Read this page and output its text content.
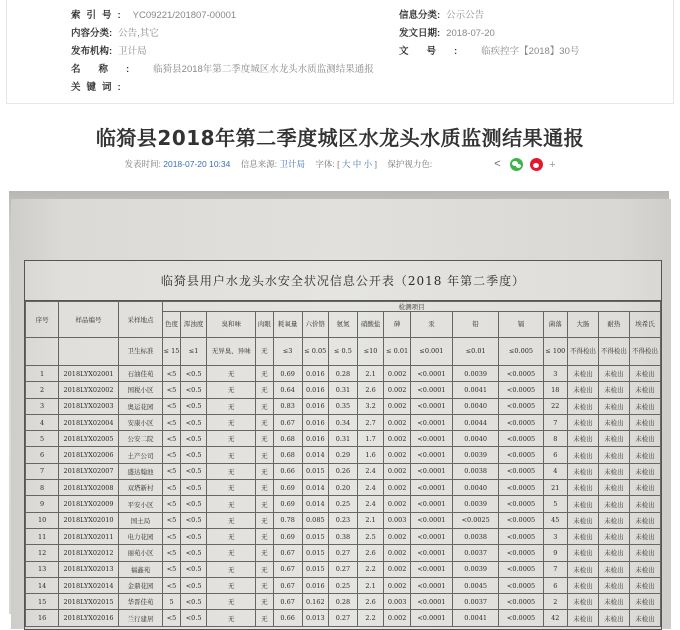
索引号: YC09221/201807-00001	信息分类: 公示公告
内容分类: 公告,其它	发文日期: 2018-07-20
发布机构: 卫计局	文号: 临疾控字【2018】30号
名称: 临猗县2018年第二季度城区水龙头水质监测结果通报
关键词:
临猗县2018年第二季度城区水龙头水质监测结果通报
发表时间: 2018-07-20 10:34 信息来源: 卫计局 字体: [ 大 中 小 ] 保护视力色:	<	+
临猗县用户水龙头水安全状况信息公开表（2018 年第二季度）
序号	样品编号	采样地点	检测项目															
			色度	浑浊度	臭和味	肉眼	耗氧量	六价铬	氨氮	硝酸盐	砷	汞	铅	镉	菌落	大肠	耐热	埃希氏
		卫生标准	≤ 15	≤1	无异臭、异味	无	≤3	≤ 0.05	≤ 0.5	≤10	≤ 0.01	≤0.001	≤0.01	≤0.005	≤ 100	不得检出	不得检出	不得检出
1	2018LYX02001	石油佳苑	<5	<0.5	无	无	0.69	0.016	0.28	2.1	0.002	<0.0001	0.0039	<0.0005	3	未检出	未检出	未检出
2	2018LYX02002	国税小区	<5	<0.5	无	无	0.64	0.016	0.31	2.6	0.002	<0.0001	0.0041	<0.0005	18	未检出	未检出	未检出
3	2018LYX02003	奥运花园	<5	<0.5	无	无	0.83	0.016	0.35	3.2	0.002	<0.0001	0.0040	<0.0005	22	未检出	未检出	未检出
4	2018LYX02004	安康小区	<5	<0.5	无	无	0.67	0.016	0.34	2.7	0.002	<0.0001	0.0044	<0.0005	7	未检出	未检出	未检出
5	2018LYX02005	公安二院	<5	<0.5	无	无	0.68	0.016	0.31	1.7	0.002	<0.0001	0.0040	<0.0005	8	未检出	未检出	未检出
6	2018LYX02006	土产公司	<5	<0.5	无	无	0.68	0.014	0.29	1.6	0.002	<0.0001	0.0039	<0.0005	6	未检出	未检出	未检出
7	2018LYX02007	盛达翰池	<5	<0.5	无	无	0.66	0.015	0.26	2.4	0.002	<0.0001	0.0038	<0.0005	4	未检出	未检出	未检出
8	2018LYX02008	双塔新村	<5	<0.5	无	无	0.69	0.014	0.20	2.4	0.002	<0.0001	0.0040	<0.0005	21	未检出	未检出	未检出
9	2018LYX02009	平安小区	<5	<0.5	无	无	0.69	0.014	0.25	2.4	0.002	<0.0001	0.0039	<0.0005	5	未检出	未检出	未检出
10	2018LYX02010	国土局	<5	<0.5	无	无	0.78	0.085	0.23	2.1	0.003	<0.0001	<0.0025	<0.0005	45	未检出	未检出	未检出
11	2018LYX02011	电力花园	<5	<0.5	无	无	0.69	0.015	0.38	2.5	0.002	<0.0001	0.0038	<0.0005	3	未检出	未检出	未检出
12	2018LYX02012	丽苑小区	<5	<0.5	无	无	0.67	0.015	0.27	2.6	0.002	<0.0001	0.0037	<0.0005	9	未检出	未检出	未检出
13	2018LYX02013	福鑫苑	<5	<0.5	无	无	0.67	0.015	0.27	2.2	0.002	<0.0001	0.0039	<0.0005	7	未检出	未检出	未检出
14	2018LYX02014	金鼎花园	<5	<0.5	无	无	0.67	0.016	0.25	2.1	0.002	<0.0001	0.0045	<0.0005	6	未检出	未检出	未检出
15	2018LYX02015	华晋佳苑	5	<0.5	无	无	0.67	0.162	0.28	2.6	0.003	<0.0001	0.0037	<0.0005	2	未检出	未检出	未检出
16	2018LYX02016	兰行建居	<5	<0.5	无	无	0.66	0.013	0.27	2.2	0.002	<0.0001	0.0041	<0.0005	42	未检出	未检出	未检出
